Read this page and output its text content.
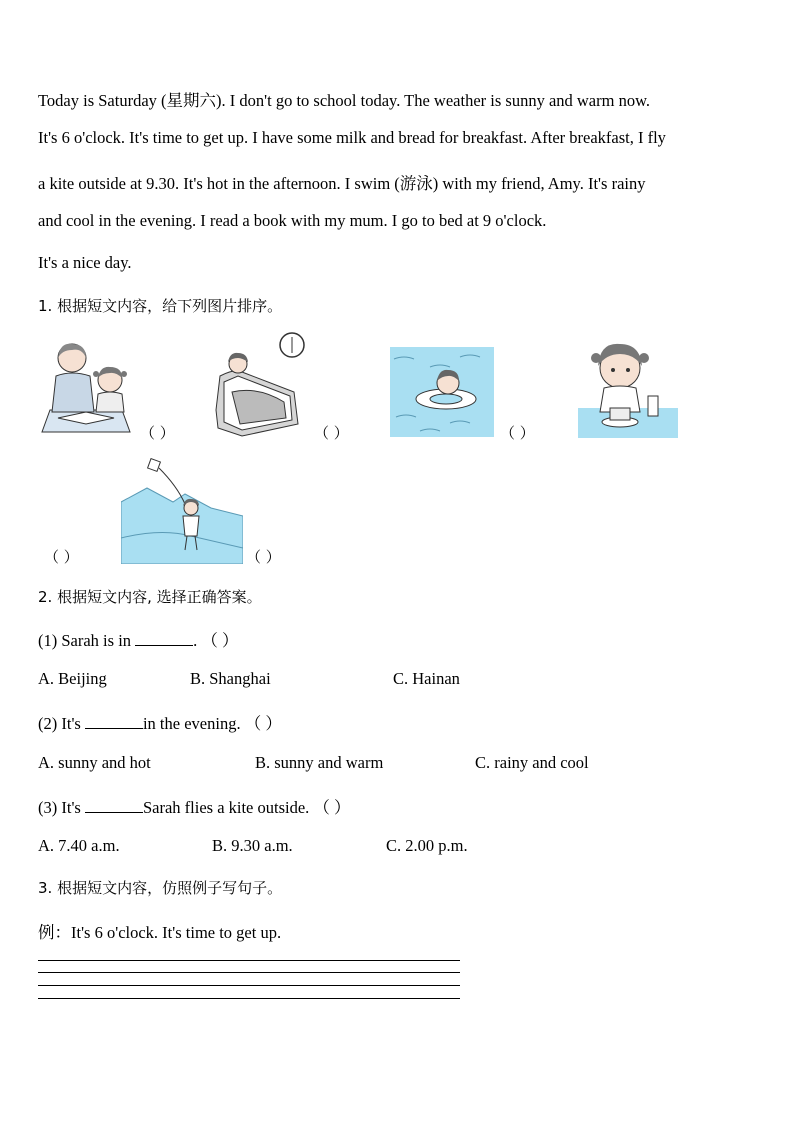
Today is Saturday (星期六). I don't go to school today. The weather is sunny and warm now.
It's 6 o'clock. It's time to get up. I have some milk and bread for breakfast. After breakfast, I fly
a kite outside at 9.30. It's hot in the afternoon. I swim (游泳) with my friend, Amy. It's rainy
and cool in the evening. I read a book with my mum. I go to bed at 9 o'clock.
It's a nice day.
1. 根据短文内容，给下列图片排序。
（ ）	（ ）	（ ）
（ ）	（ ）
2. 根据短文内容, 选择正确答案。
(1) Sarah is in	. （ ）
A. Beijing	B. Shanghai	C. Hainan
(2) It's	in the evening. （ ）
A. sunny and hot	B. sunny and warm	C. rainy and cool
(3) It's	Sarah flies a kite outside. （ ）
A. 7.40 a.m.	B. 9.30 a.m.	C. 2.00 p.m.
3. 根据短文内容，仿照例子写句子。
例：It's 6 o'clock. It's time to get up.
